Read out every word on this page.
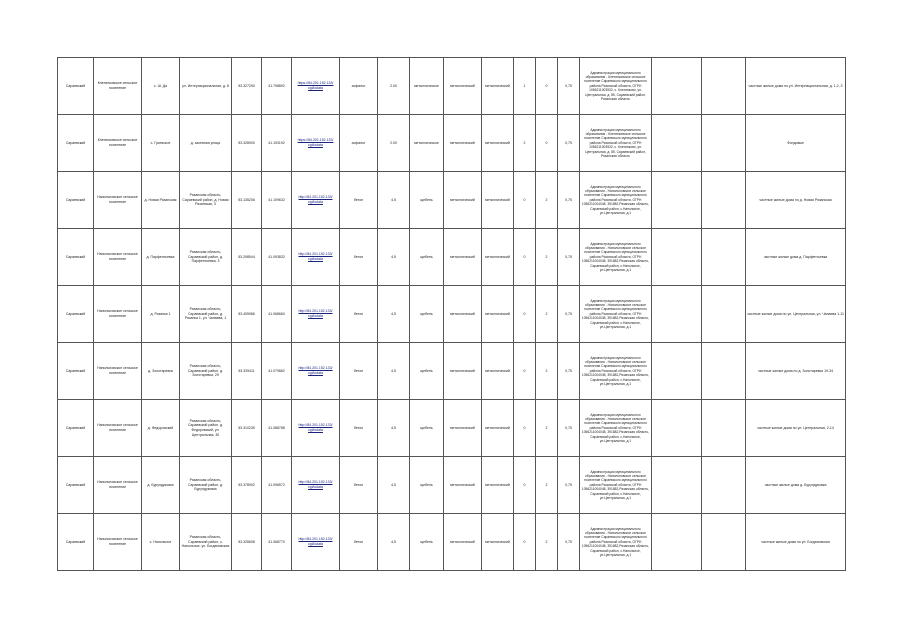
Сараевский	Клетинковское сельское поселение	с. Ш. Да	ул. Интернациональная, д. 8	53.327290	41.798892	https://84.201.152.133/ cgi/iodata	асфальт	2.00	металлическое	металлический	металлический	1	0	0,75	Администрация муниципального образования - Клетинковское сельское поселение Сараевского муниципального района Рязанской области, ОГРН 1056211003532, с. Клетинково, ул. Центральная, д. 85, Сараевский район, Рязанская область			частные жилые дома по ул. Интернациональная, д. 1,2, 3
Сараевский	Клетинковское сельское поселение	с. Гусевское	д. засевная улица	53.328900	41.193192	https://84.201.152.133/ cgi/iodata	асфальт	2.00	металлическое	металлический	металлический	2	0	0,75	Администрация муниципального образования - Клетинковское сельское поселение Сараевского муниципального района Рязанской области, ОГРН 1056211003532, с. Клетинково, ул. Центральная, д. 85, Сараевский район, Рязанская область			Фондовые
Сараевский	Напольновское сельское поселение	д. Новая Рязанская	Рязанская область, Сараевский район, д. Новая Рязанская, 3	53.135206	41.109632	http://84.201.152.133/ cgi/iodata	бетон	4,5	щебень	металлический	металлический	0	2	0,75	Администрация муниципального образования - Напольновское сельское поселение Сараевского муниципального района Рязанской области, ОГРН 1056211004048, 391882,Рязанская область, Сараевский район, с.Напольное, ул.Центральная, д.1			частные жилые дома по д. Новая Рязанская
Сараевский	Напольновское сельское поселение	д. Парфентьевка	Рязанская область, Сараевский район, д. Парфентьевка, 3	53.298544	41.093832	http://84.201.152.133/ cgi/iodata	бетон	4,5	щебень	металлический	металлический	0	2	0,75	Администрация муниципального образования - Напольновское сельское поселение Сараевского муниципального района Рязанской области, ОГРН 1056211004048, 391882,Рязанская область, Сараевский район, с.Напольное, ул.Центральная, д.1			частные жилые дома д. Парфентьевка
Сараевский	Напольновское сельское поселение	д. Рязанка 1	Рязанская область, Сараевский район, д. Рязанка 1, ул. Чапаева, 1	53.405986	41.068660	http://84.201.152.133/ cgi/iodata	бетон	4,5	щебень	металлический	металлический	0	2	0,75	Администрация муниципального образования - Напольновское сельское поселение Сараевского муниципального района Рязанской области, ОГРН 1056211004048, 391882,Рязанская область, Сараевский район, с.Напольное, ул.Центральная, д.1			частные жилые дома по ул. Центральная, ул. Чапаева 1-11
Сараевский	Напольновское сельское поселение	д. Золотаревка	Рязанская область, Сараевский район, д. Золотаревка, 29	53.339411	41.079862	http://84.201.152.133/ cgi/iodata	бетон	4,5	щебень	металлический	металлический	0	2	0,75	Администрация муниципального образования - Напольновское сельское поселение Сараевского муниципального района Рязанской области, ОГРН 1056211004048, 391882,Рязанская область, Сараевский район, с.Напольное, ул.Центральная, д.1			частные жилые дома по д. Золотаревка 19-34
Сараевский	Напольновское сельское поселение	д. Федоровский	Рязанская область, Сараевский район, д. Федоровский, ул. Центральная, 30	53.310235	41.088788	http://84.201.152.133/ cgi/iodata	бетон	4,5	щебень	металлический	металлический	0	2	0,75	Администрация муниципального образования - Напольновское сельское поселение Сараевского муниципального района Рязанской области, ОГРН 1056211004048, 391882,Рязанская область, Сараевский район, с.Напольное, ул.Центральная, д.1			частные жилые дома по ул. Центральная, 2-14
Сараевский	Напольновское сельское поселение	д. Бурундуковка	Рязанская область, Сараевский район, д. Бурундуковка	53.378902	41.096572	http://84.201.152.133/ cgi/iodata	бетон	4,5	щебень	металлический	металлический	0	2	0,75	Администрация муниципального образования - Напольновское сельское поселение Сараевского муниципального района Рязанской области, ОГРН 1056211004048, 391882,Рязанская область, Сараевский район, с.Напольное, ул.Центральная, д.1			частные жилые дома д. Бурундуковка
Сараевский	Напольновское сельское поселение	с. Напольное	Рязанская область, Сараевский район, с. Напольное, ул. Богдановская	53.328608	41.068770	http://84.201.152.133/ cgi/iodata	бетон	4,5	щебень	металлический	металлический	0	2	0,75	Администрация муниципального образования - Напольновское сельское поселение Сараевского муниципального района Рязанской области, ОГРН 1056211004048, 391882,Рязанская область, Сараевский район, с.Напольное, ул.Центральная, д.1			частные жилые дома по ул. Богдановская
